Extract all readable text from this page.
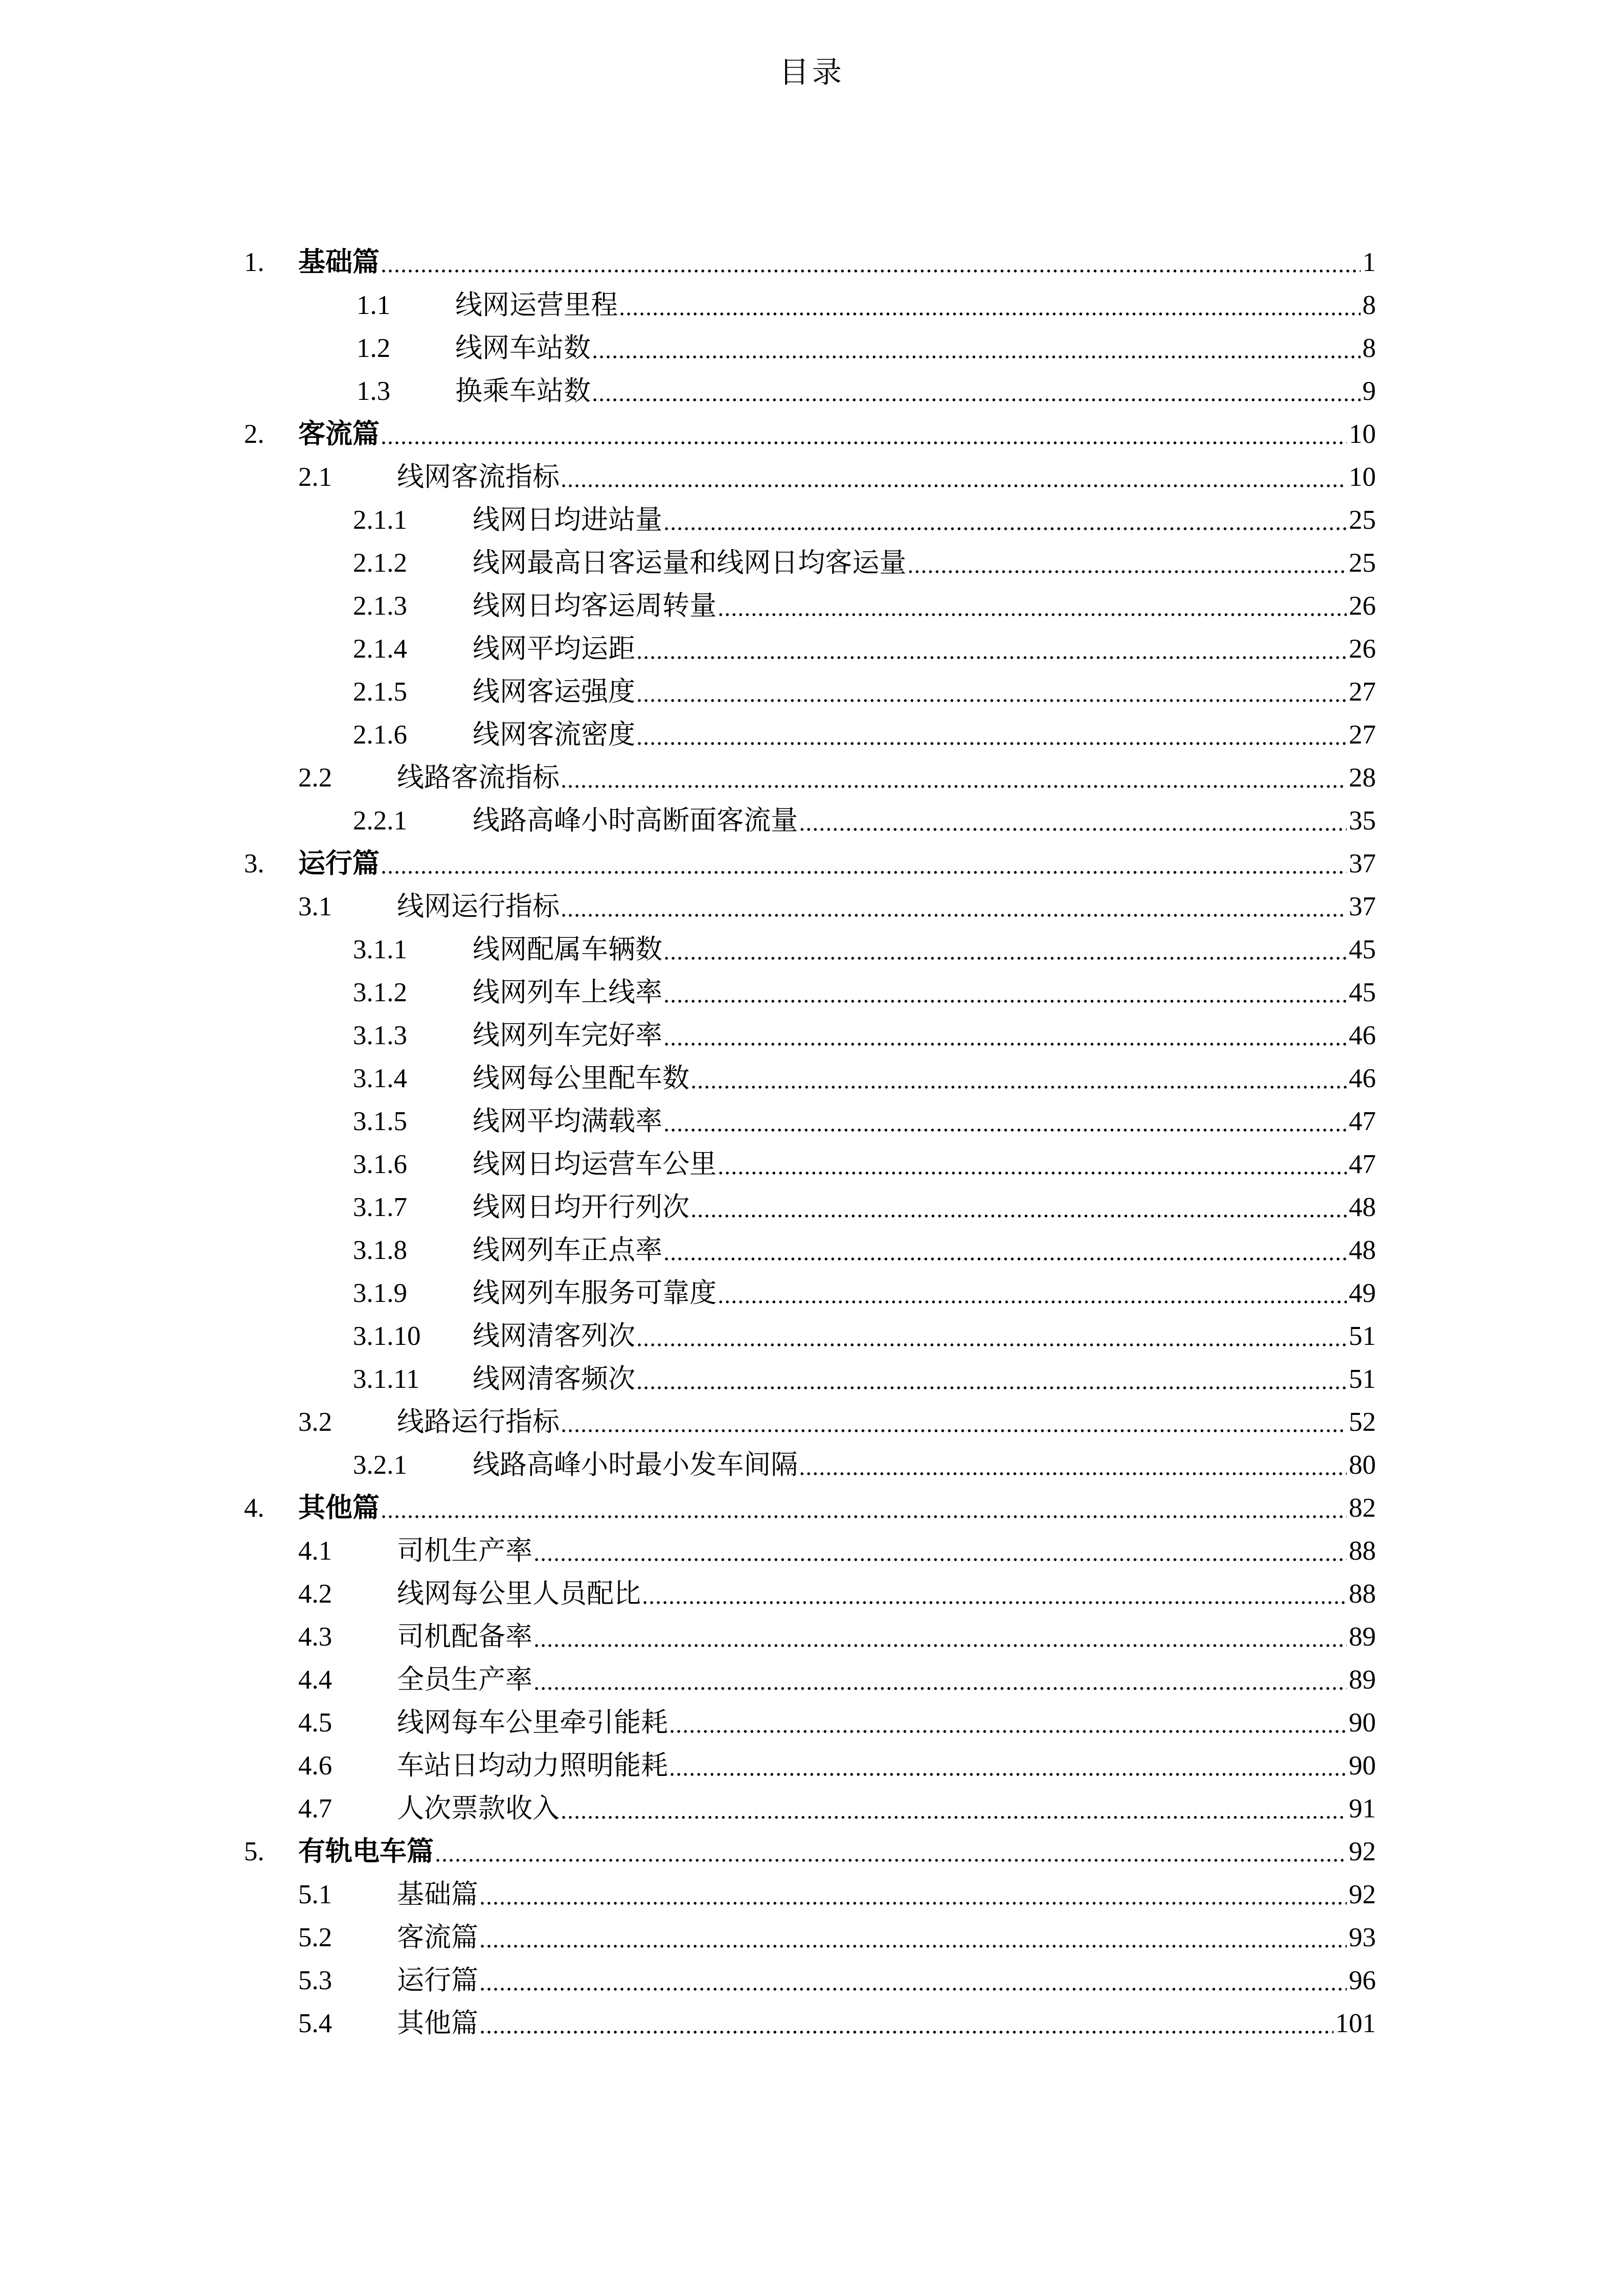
目录
1.	基础篇	1
1.1	线网运营里程	8
1.2	线网车站数	8
1.3	换乘车站数	9
2.	客流篇	10
2.1	线网客流指标	10
2.1.1	线网日均进站量	25
2.1.2	线网最高日客运量和线网日均客运量	25
2.1.3	线网日均客运周转量	26
2.1.4	线网平均运距	26
2.1.5	线网客运强度	27
2.1.6	线网客流密度	27
2.2	线路客流指标	28
2.2.1	线路高峰小时高断面客流量	35
3.	运行篇	37
3.1	线网运行指标	37
3.1.1	线网配属车辆数	45
3.1.2	线网列车上线率	45
3.1.3	线网列车完好率	46
3.1.4	线网每公里配车数	46
3.1.5	线网平均满载率	47
3.1.6	线网日均运营车公里	47
3.1.7	线网日均开行列次	48
3.1.8	线网列车正点率	48
3.1.9	线网列车服务可靠度	49
3.1.10	线网清客列次	51
3.1.11	线网清客频次	51
3.2	线路运行指标	52
3.2.1	线路高峰小时最小发车间隔	80
4.	其他篇	82
4.1	司机生产率	88
4.2	线网每公里人员配比	88
4.3	司机配备率	89
4.4	全员生产率	89
4.5	线网每车公里牵引能耗	90
4.6	车站日均动力照明能耗	90
4.7	人次票款收入	91
5.	有轨电车篇	92
5.1	基础篇	92
5.2	客流篇	93
5.3	运行篇	96
5.4	其他篇	101
